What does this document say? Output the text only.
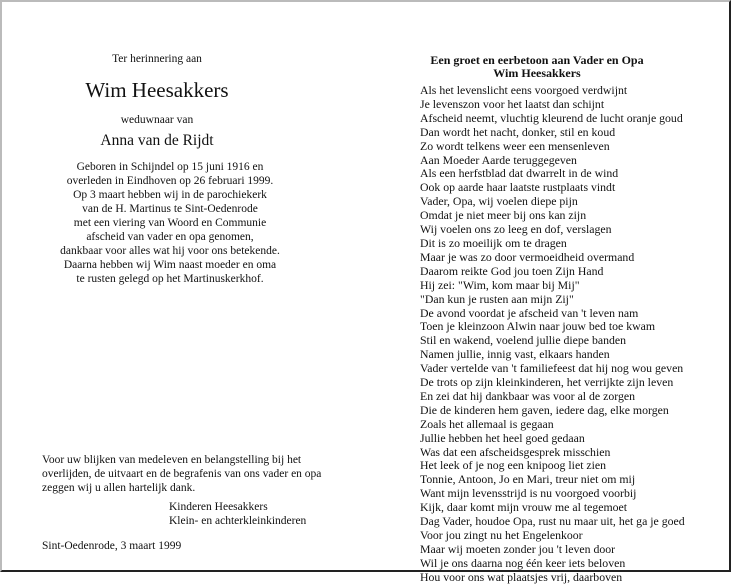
Ter herinnering aan
Wim Heesakkers
weduwnaar van
Anna van de Rijdt
Geboren in Schijndel op 15 juni 1916 en
overleden in Eindhoven op 26 februari 1999.
Op 3 maart hebben wij in de parochiekerk
van de H. Martinus te Sint-Oedenrode
met een viering van Woord en Communie
afscheid van vader en opa genomen,
dankbaar voor alles wat hij voor ons betekende.
Daarna hebben wij Wim naast moeder en oma
te rusten gelegd op het Martinuskerkhof.
Voor uw blijken van medeleven en belangstelling bij het
overlijden, de uitvaart en de begrafenis van ons vader en opa
zeggen wij u allen hartelijk dank.
Kinderen Heesakkers
Klein- en achterkleinkinderen
Sint-Oedenrode, 3 maart 1999
Een groet en eerbetoon aan Vader en Opa
Wim Heesakkers
Als het levenslicht eens voorgoed verdwijnt
Je levenszon voor het laatst dan schijnt
Afscheid neemt, vluchtig kleurend de lucht oranje goud
Dan wordt het nacht, donker, stil en koud
Zo wordt telkens weer een mensenleven
Aan Moeder Aarde teruggegeven
Als een herfstblad dat dwarrelt in de wind
Ook op aarde haar laatste rustplaats vindt
Vader, Opa, wij voelen diepe pijn
Omdat je niet meer bij ons kan zijn
Wij voelen ons zo leeg en dof, verslagen
Dit is zo moeilijk om te dragen
Maar je was zo door vermoeidheid overmand
Daarom reikte God jou toen Zijn Hand
Hij zei: "Wim, kom maar bij Mij"
"Dan kun je rusten aan mijn Zij"
De avond voordat je afscheid van 't leven nam
Toen je kleinzoon Alwin naar jouw bed toe kwam
Stil en wakend, voelend jullie diepe banden
Namen jullie, innig vast, elkaars handen
Vader vertelde van 't familiefeest dat hij nog wou geven
De trots op zijn kleinkinderen, het verrijkte zijn leven
En zei dat hij dankbaar was voor al de zorgen
Die de kinderen hem gaven, iedere dag, elke morgen
Zoals het allemaal is gegaan
Jullie hebben het heel goed gedaan
Was dat een afscheidsgesprek misschien
Het leek of je nog een knipoog liet zien
Tonnie, Antoon, Jo en Mari, treur niet om mij
Want mijn levensstrijd is nu voorgoed voorbij
Kijk, daar komt mijn vrouw me al tegemoet
Dag Vader, houdoe Opa, rust nu maar uit, het ga je goed
Voor jou zingt nu het Engelenkoor
Maar wij moeten zonder jou 't leven door
Wil je ons daarna nog één keer iets beloven
Hou voor ons wat plaatsjes vrij, daarboven
